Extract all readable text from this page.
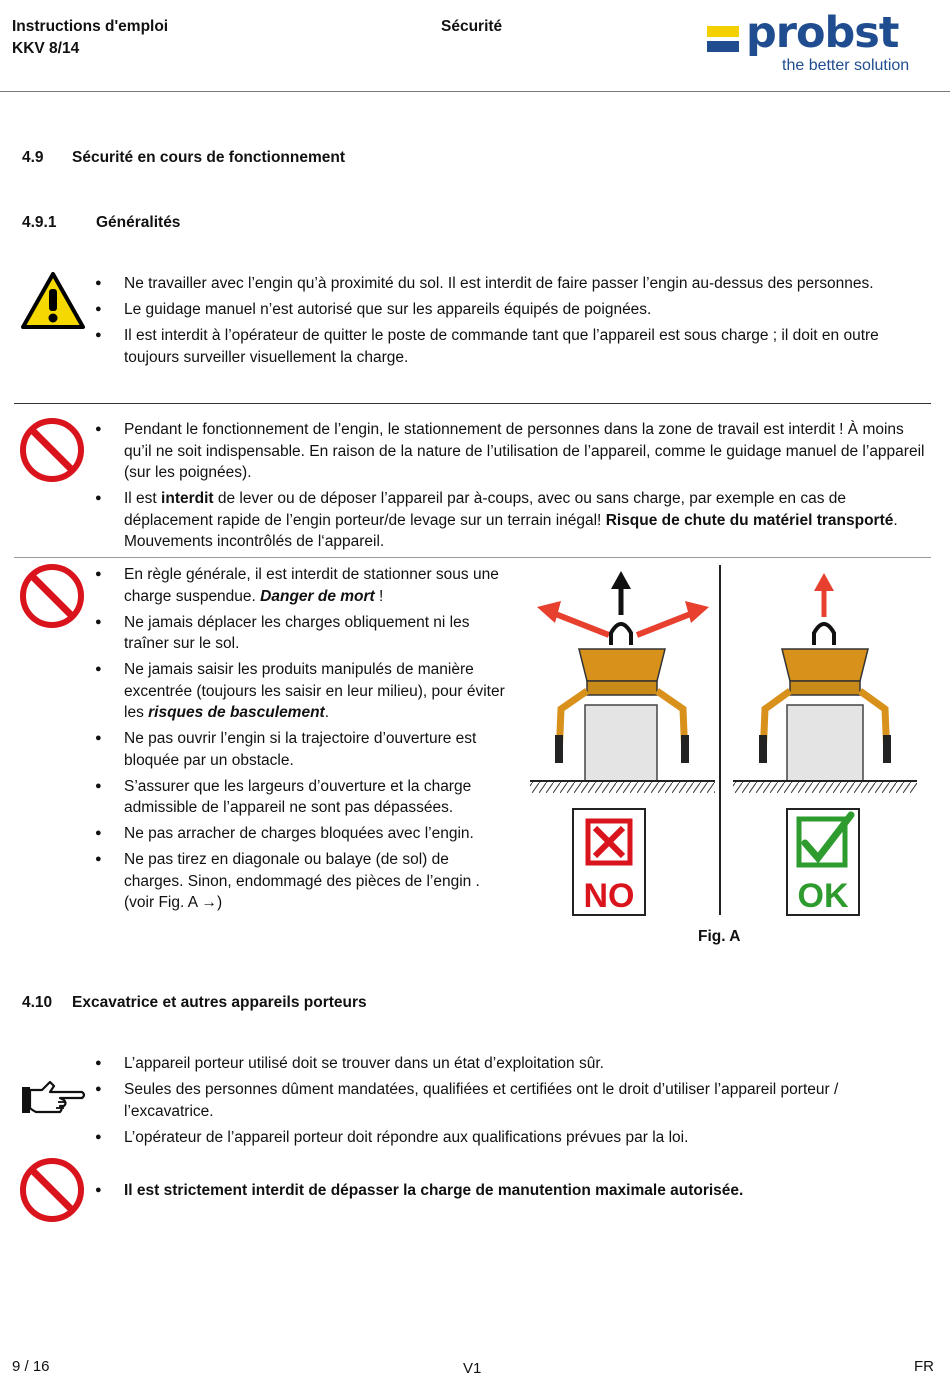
Instructions d'emploi
KKV 8/14
Sécurité	probst
the better solution
4.9 Sécurité en cours de fonctionnement
4.9.1	Généralités
● Ne travailler avec l’engin qu’à proximité du sol. Il est interdit de faire passer l’engin au-dessus des personnes.
● Le guidage manuel n’est autorisé que sur les appareils équipés de poignées.
● Il est interdit à l’opérateur de quitter le poste de commande tant que l’appareil est sous charge ; il doit en outre toujours surveiller visuellement la charge.
● Pendant le fonctionnement de l’engin, le stationnement de personnes dans la zone de travail est interdit ! À moins qu’il ne soit indispensable. En raison de la nature de l’utilisation de l’appareil, comme le guidage manuel de l’appareil (sur les poignées).
● Il est interdit de lever ou de déposer l’appareil par à-coups, avec ou sans charge, par exemple en cas de déplacement rapide de l’engin porteur/de levage sur un terrain inégal! Risque de chute du matériel transporté. Mouvements incontrôlés de l‘appareil.
● En règle générale, il est interdit de stationner sous une charge suspendue. Danger de mort !
● Ne jamais déplacer les charges obliquement ni les traîner sur le sol.
● Ne jamais saisir les produits manipulés de manière excentrée (toujours les saisir en leur milieu), pour éviter les risques de basculement.
● Ne pas ouvrir l’engin si la trajectoire d’ouverture est bloquée par un obstacle.
● S’assurer que les largeurs d’ouverture et la charge admissible de l’appareil ne sont pas dépassées.
● Ne pas arracher de charges bloquées avec l’engin.
● Ne pas tirez en diagonale ou balaye (de sol) de charges. Sinon, endommagé des pièces de l’engin . (voir Fig. A →)	NO	OK
Fig. A
4.10 Excavatrice et autres appareils porteurs
● L’appareil porteur utilisé doit se trouver dans un état d’exploitation sûr.
● Seules des personnes dûment mandatées, qualifiées et certifiées ont le droit d’utiliser l’appareil porteur / l’excavatrice.
● L’opérateur de l’appareil porteur doit répondre aux qualifications prévues par la loi.
● Il est strictement interdit de dépasser la charge de manutention maximale autorisée.
9 / 16	V1	FR
